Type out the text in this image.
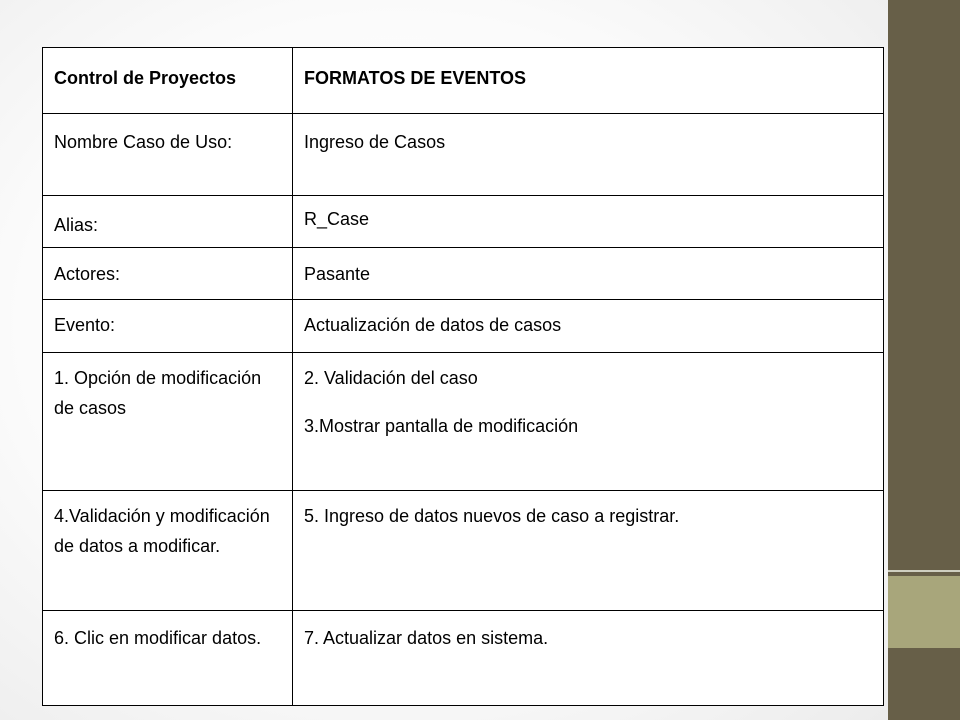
Control de Proyectos	FORMATOS DE EVENTOS

Nombre Caso de Uso:	Ingreso de Casos

Alias:	R_Case

Actores:	Pasante

Evento:	Actualización de datos de casos

1. Opción de modificación de casos	2. Validación del caso
3.Mostrar pantalla de modificación

4.Validación y modificación de datos a modificar.	5. Ingreso de datos nuevos de caso a registrar.

6. Clic en modificar datos.	7. Actualizar datos en sistema.
